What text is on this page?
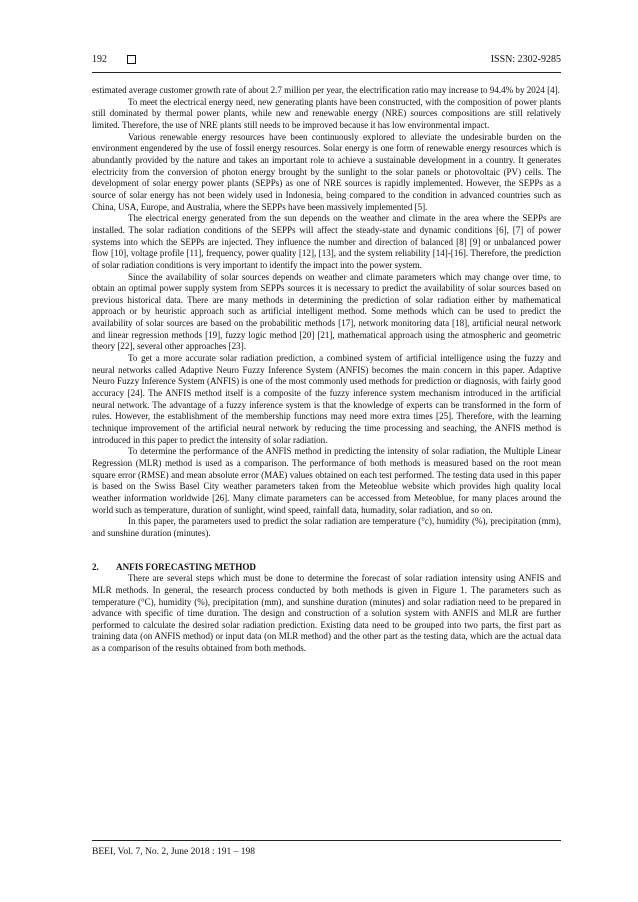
192	ISSN: 2302-9285

estimated average customer growth rate of about 2.7 million per year, the electrification ratio may increase to 94.4% by 2024 [4].

To meet the electrical energy need, new generating plants have been constructed, with the composition of power plants still dominated by thermal power plants, while new and renewable energy (NRE) sources compositions are still relatively limited. Therefore, the use of NRE plants still needs to be improved because it has low environmental impact.

Various renewable energy resources have been continuously explored to alleviate the undesirable burden on the environment engendered by the use of fossil energy resources. Solar energy is one form of renewable energy resources which is abundantly provided by the nature and takes an important role to achieve a sustainable development in a country. It generates electricity from the conversion of photon energy brought by the sunlight to the solar panels or photovoltaic (PV) cells. The development of solar energy power plants (SEPPs) as one of NRE sources is rapidly implemented. However, the SEPPs as a source of solar energy has not been widely used in Indonesia, being compared to the condition in advanced countries such as China, USA, Europe, and Australia, where the SEPPs have been massively implemented [5].

The electrical energy generated from the sun depends on the weather and climate in the area where the SEPPs are installed. The solar radiation conditions of the SEPPs will affect the steady-state and dynamic conditions [6], [7] of power systems into which the SEPPs are injected. They influence the number and direction of balanced [8] [9] or unbalanced power flow [10], voltage profile [11], frequency, power quality [12], [13], and the system reliability [14]-[16]. Therefore, the prediction of solar radiation conditions is very important to identify the impact into the power system.

Since the availability of solar sources depends on weather and climate parameters which may change over time, to obtain an optimal power supply system from SEPPs sources it is necessary to predict the availability of solar sources based on previous historical data. There are many methods in determining the prediction of solar radiation either by mathematical approach or by heuristic approach such as artificial intelligent method. Some methods which can be used to predict the availability of solar sources are based on the probabilitic methods [17], network monitoring data [18], artificial neural network and linear regression methods [19], fuzzy logic method [20] [21], mathematical approach using the atmospheric and geometric theory [22], several other approaches [23].

To get a more accurate solar radiation prediction, a combined system of artificial intelligence using the fuzzy and neural networks called Adaptive Neuro Fuzzy Inference System (ANFIS) becomes the main concern in this paper. Adaptive Neuro Fuzzy Inference System (ANFIS) is one of the most commonly used methods for prediction or diagnosis, with fairly good accuracy [24]. The ANFIS method itself is a composite of the fuzzy inference system mechanism introduced in the artificial neural network. The advantage of a fuzzy inference system is that the knowledge of experts can be transformed in the form of rules. However, the establishment of the membership functions may need more extra times [25]. Therefore, with the learning technique improvement of the artificial neural network by reducing the time processing and seaching, the ANFIS method is introduced in this paper to predict the intensity of solar radiation.

To determine the performance of the ANFIS method in predicting the intensity of solar radiation, the Multiple Linear Regression (MLR) method is used as a comparison. The performance of both methods is measured based on the root mean square error (RMSE) and mean absolute error (MAE) values obtained on each test performed. The testing data used in this paper is based on the Swiss Basel City weather parameters taken from the Meteoblue website which provides high quality local weather information worldwide [26]. Many climate parameters can be accessed from Meteoblue, for many places around the world such as temperature, duration of sunlight, wind speed, rainfall data, humadity, solar radiation, and so on.

In this paper, the parameters used to predict the solar radiation are temperature (°c), humidity (%), precipitation (mm), and sunshine duration (minutes).

2. ANFIS FORECASTING METHOD

There are several steps which must be done to determine the forecast of solar radiation intensity using ANFIS and MLR methods. In general, the research process conducted by both methods is given in Figure 1. The parameters such as temperature (°C), humidity (%), precipitation (mm), and sunshine duration (minutes) and solar radiation need to be prepared in advance with specific of time duration. The design and construction of a solution system with ANFIS and MLR are further performed to calculate the desired solar radiation prediction. Existing data need to be grouped into two parts, the first part as training data (on ANFIS method) or input data (on MLR method) and the other part as the testing data, which are the actual data as a comparison of the results obtained from both methods.

BEEI, Vol. 7, No. 2, June 2018 : 191 – 198
